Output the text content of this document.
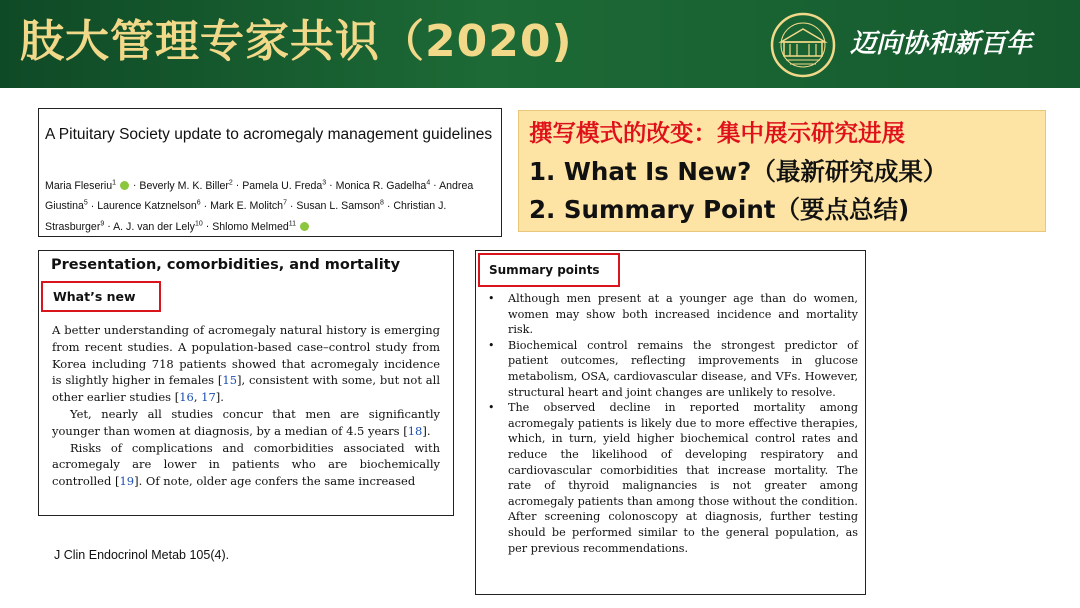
肢大管理专家共识（2020)	迈向协和新百年
A Pituitary Society update to acromegaly management guidelines
Maria Fleseriu$^1$  · Beverly M. K. Biller$^2$ · Pamela U. Freda$^3$ · Monica R. Gadelha$^4$ · Andrea Giustina$^5$ · Laurence Katznelson$^6$ · Mark E. Molitch$^7$ · Susan L. Samson$^8$ · Christian J. Strasburger$^9$ · A. J. van der Lely$^{10}$ · Shlomo Melmed$^{11}$
撰写模式的改变：集中展示研究进展
1. What Is New?（最新研究成果）
2. Summary Point（要点总结)
Presentation, comorbidities, and mortality
What’s new

A better understanding of acromegaly natural history is emerging from recent studies. A population-based case–control study from Korea including 718 patients showed that acromegaly incidence is slightly higher in females [15], consistent with some, but not all other earlier studies [16, 17].

Yet, nearly all studies concur that men are significantly younger than women at diagnosis, by a median of 4.5 years [18].

Risks of complications and comorbidities associated with acromegaly are lower in patients who are biochemically controlled [19]. Of note, older age confers the same increased

J Clin Endocrinol Metab 105(4).
Summary points
• Although men present at a younger age than do women, women may show both increased incidence and mortality risk.
• Biochemical control remains the strongest predictor of patient outcomes, reflecting improvements in glucose metabolism, OSA, cardiovascular disease, and VFs. However, structural heart and joint changes are unlikely to resolve.
• The observed decline in reported mortality among acromegaly patients is likely due to more effective therapies, which, in turn, yield higher biochemical control rates and reduce the likelihood of developing respiratory and cardiovascular comorbidities that increase mortality. The rate of thyroid malignancies is not greater among acromegaly patients than among those without the condition. After screening colonoscopy at diagnosis, further testing should be performed similar to the general population, as per previous recommendations.
